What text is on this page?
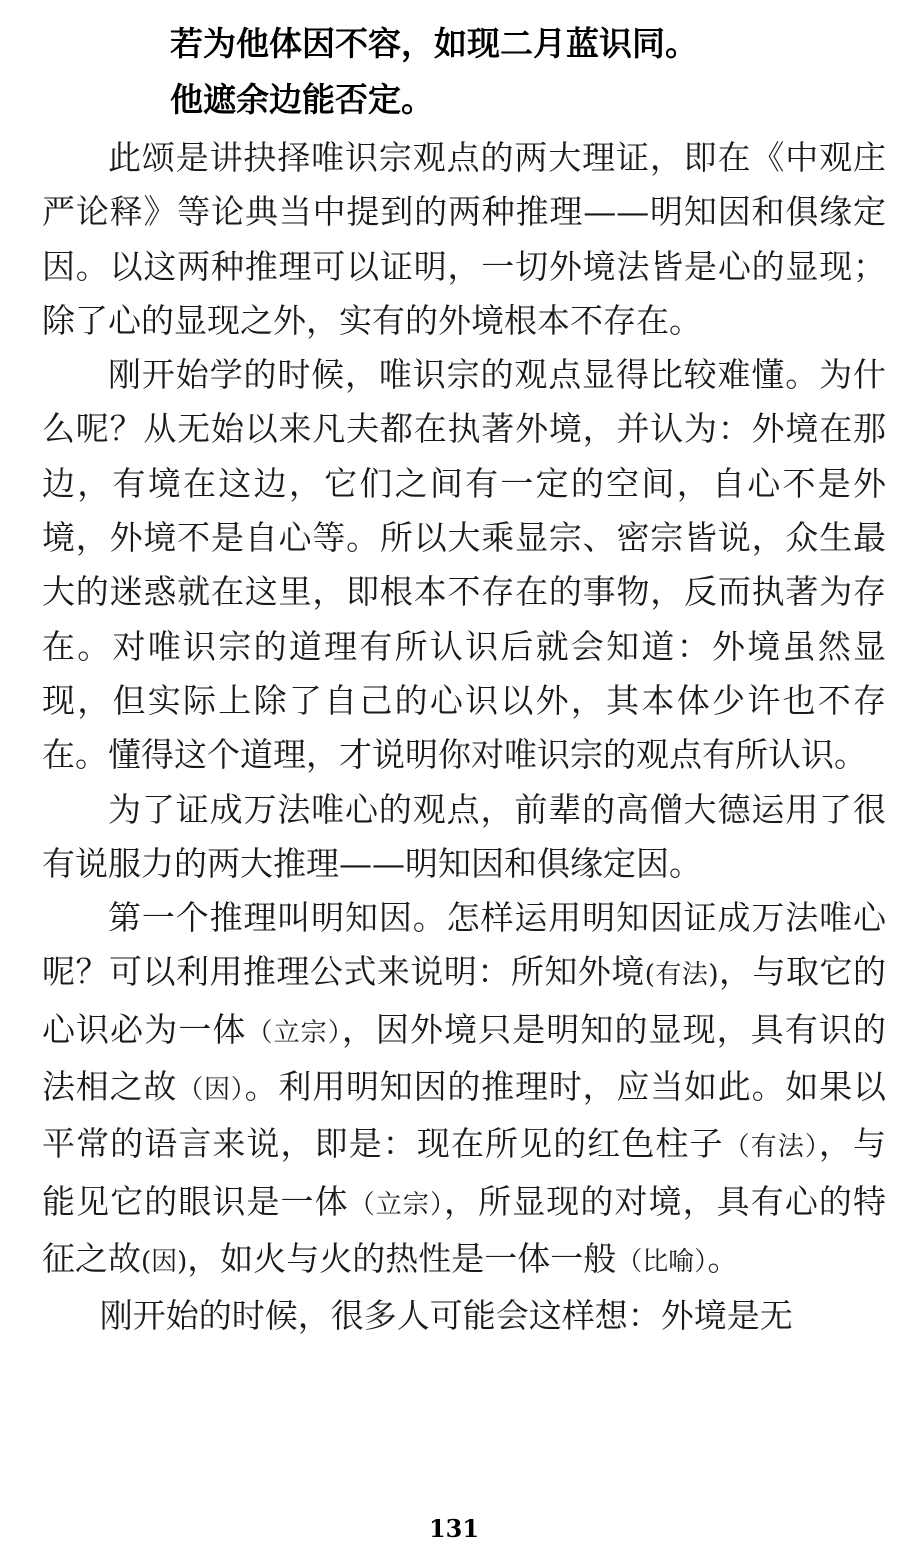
若为他体因不容，如现二月蓝识同。
他遮余边能否定。

此颂是讲抉择唯识宗观点的两大理证，即在《中观庄严论释》等论典当中提到的两种推理——明知因和俱缘定因。以这两种推理可以证明，一切外境法皆是心的显现；除了心的显现之外，实有的外境根本不存在。

刚开始学的时候，唯识宗的观点显得比较难懂。为什么呢？从无始以来凡夫都在执著外境，并认为：外境在那边，有境在这边，它们之间有一定的空间，自心不是外境，外境不是自心等。所以大乘显宗、密宗皆说，众生最大的迷惑就在这里，即根本不存在的事物，反而执著为存在。对唯识宗的道理有所认识后就会知道：外境虽然显现，但实际上除了自己的心识以外，其本体少许也不存在。懂得这个道理，才说明你对唯识宗的观点有所认识。

为了证成万法唯心的观点，前辈的高僧大德运用了很有说服力的两大推理——明知因和俱缘定因。

第一个推理叫明知因。怎样运用明知因证成万法唯心呢？可以利用推理公式来说明：所知外境(有法)，与取它的心识必为一体（立宗），因外境只是明知的显现，具有识的法相之故（因）。利用明知因的推理时，应当如此。如果以平常的语言来说，即是：现在所见的红色柱子（有法），与能见它的眼识是一体（立宗），所显现的对境，具有心的特征之故(因)，如火与火的热性是一体一般（比喻）。

刚开始的时候，很多人可能会这样想：外境是无

131
